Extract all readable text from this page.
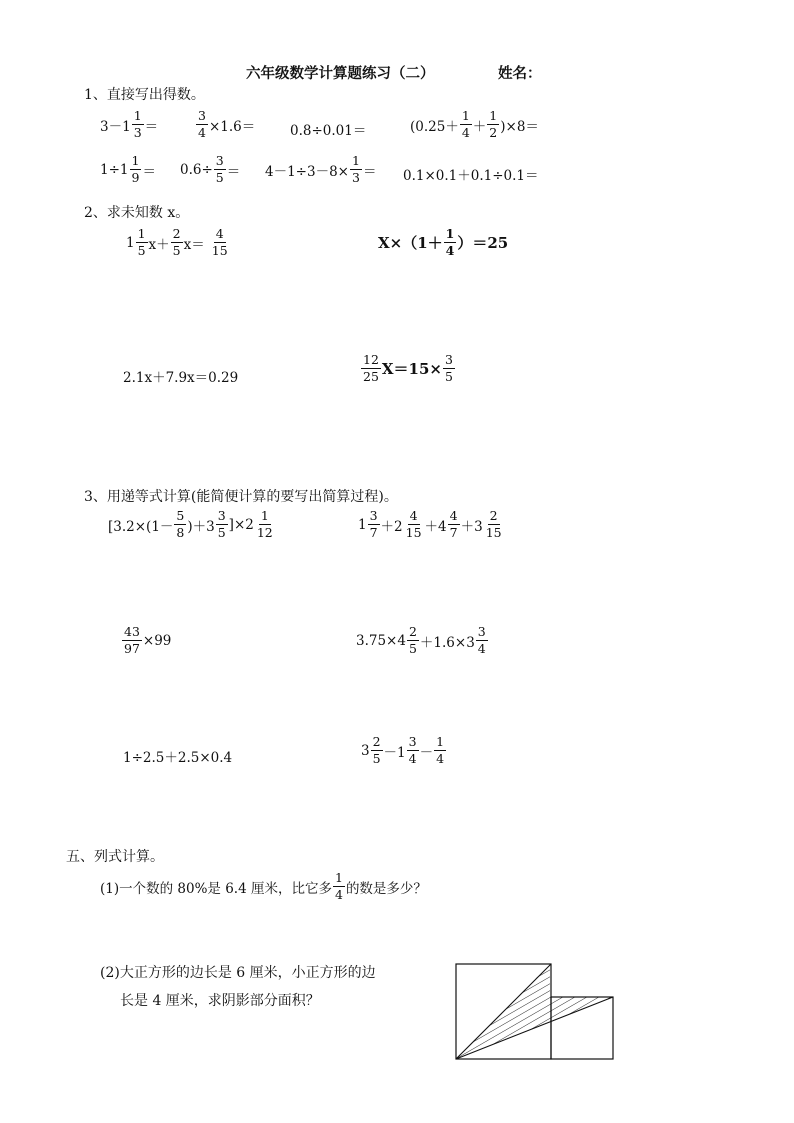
六年级数学计算题练习（二）	姓名：
1、直接写出得数。
$3-1 \frac{1}{3}$ ＝	$\frac{3}{4} \times 1.6=$	0.8÷0.01＝	$(0.25+ \frac{1}{4} + \frac{1}{2} )\times 8=$
$1\div 1 \frac{1}{9} = 0.6\div \frac{3}{5} = 4-1\div 3-8\times \frac{1}{3} = 0.1\times 0.1+0.1\div 0.1=$
2、求未知数 x。
$1 \frac{1}{5} x+ \frac{2}{5} x= \frac{4}{15}$	$X\times(1+ \frac{1}{4} )=25$
2.1x＋7.9x＝0.29	$\frac{12}{25} X=15\times \frac{3}{5}$
3、用递等式计算(能简便计算的要写出简算过程)。
$[3.2\times(1- \frac{5}{8} )+3 \frac{3}{5} ]\times 2 \frac{1}{12}$	$1 \frac{3}{7} +2 \frac{4}{15} +4 \frac{4}{7} +3 \frac{2}{15}$
$\frac{43}{97} \times 99$	$3.75\times 4 \frac{2}{5} +1.6\times 3 \frac{3}{4}$
1÷2.5＋2.5×0.4	$3 \frac{2}{5} -1 \frac{3}{4} - \frac{1}{4}$
五、列式计算。
(1)一个数的 80%是 6.4 厘米，比它多 $\frac{1}{4}$ 的数是多少？
(2)大正方形的边长是 6 厘米，小正方形的边
长是 4 厘米，求阴影部分面积？
